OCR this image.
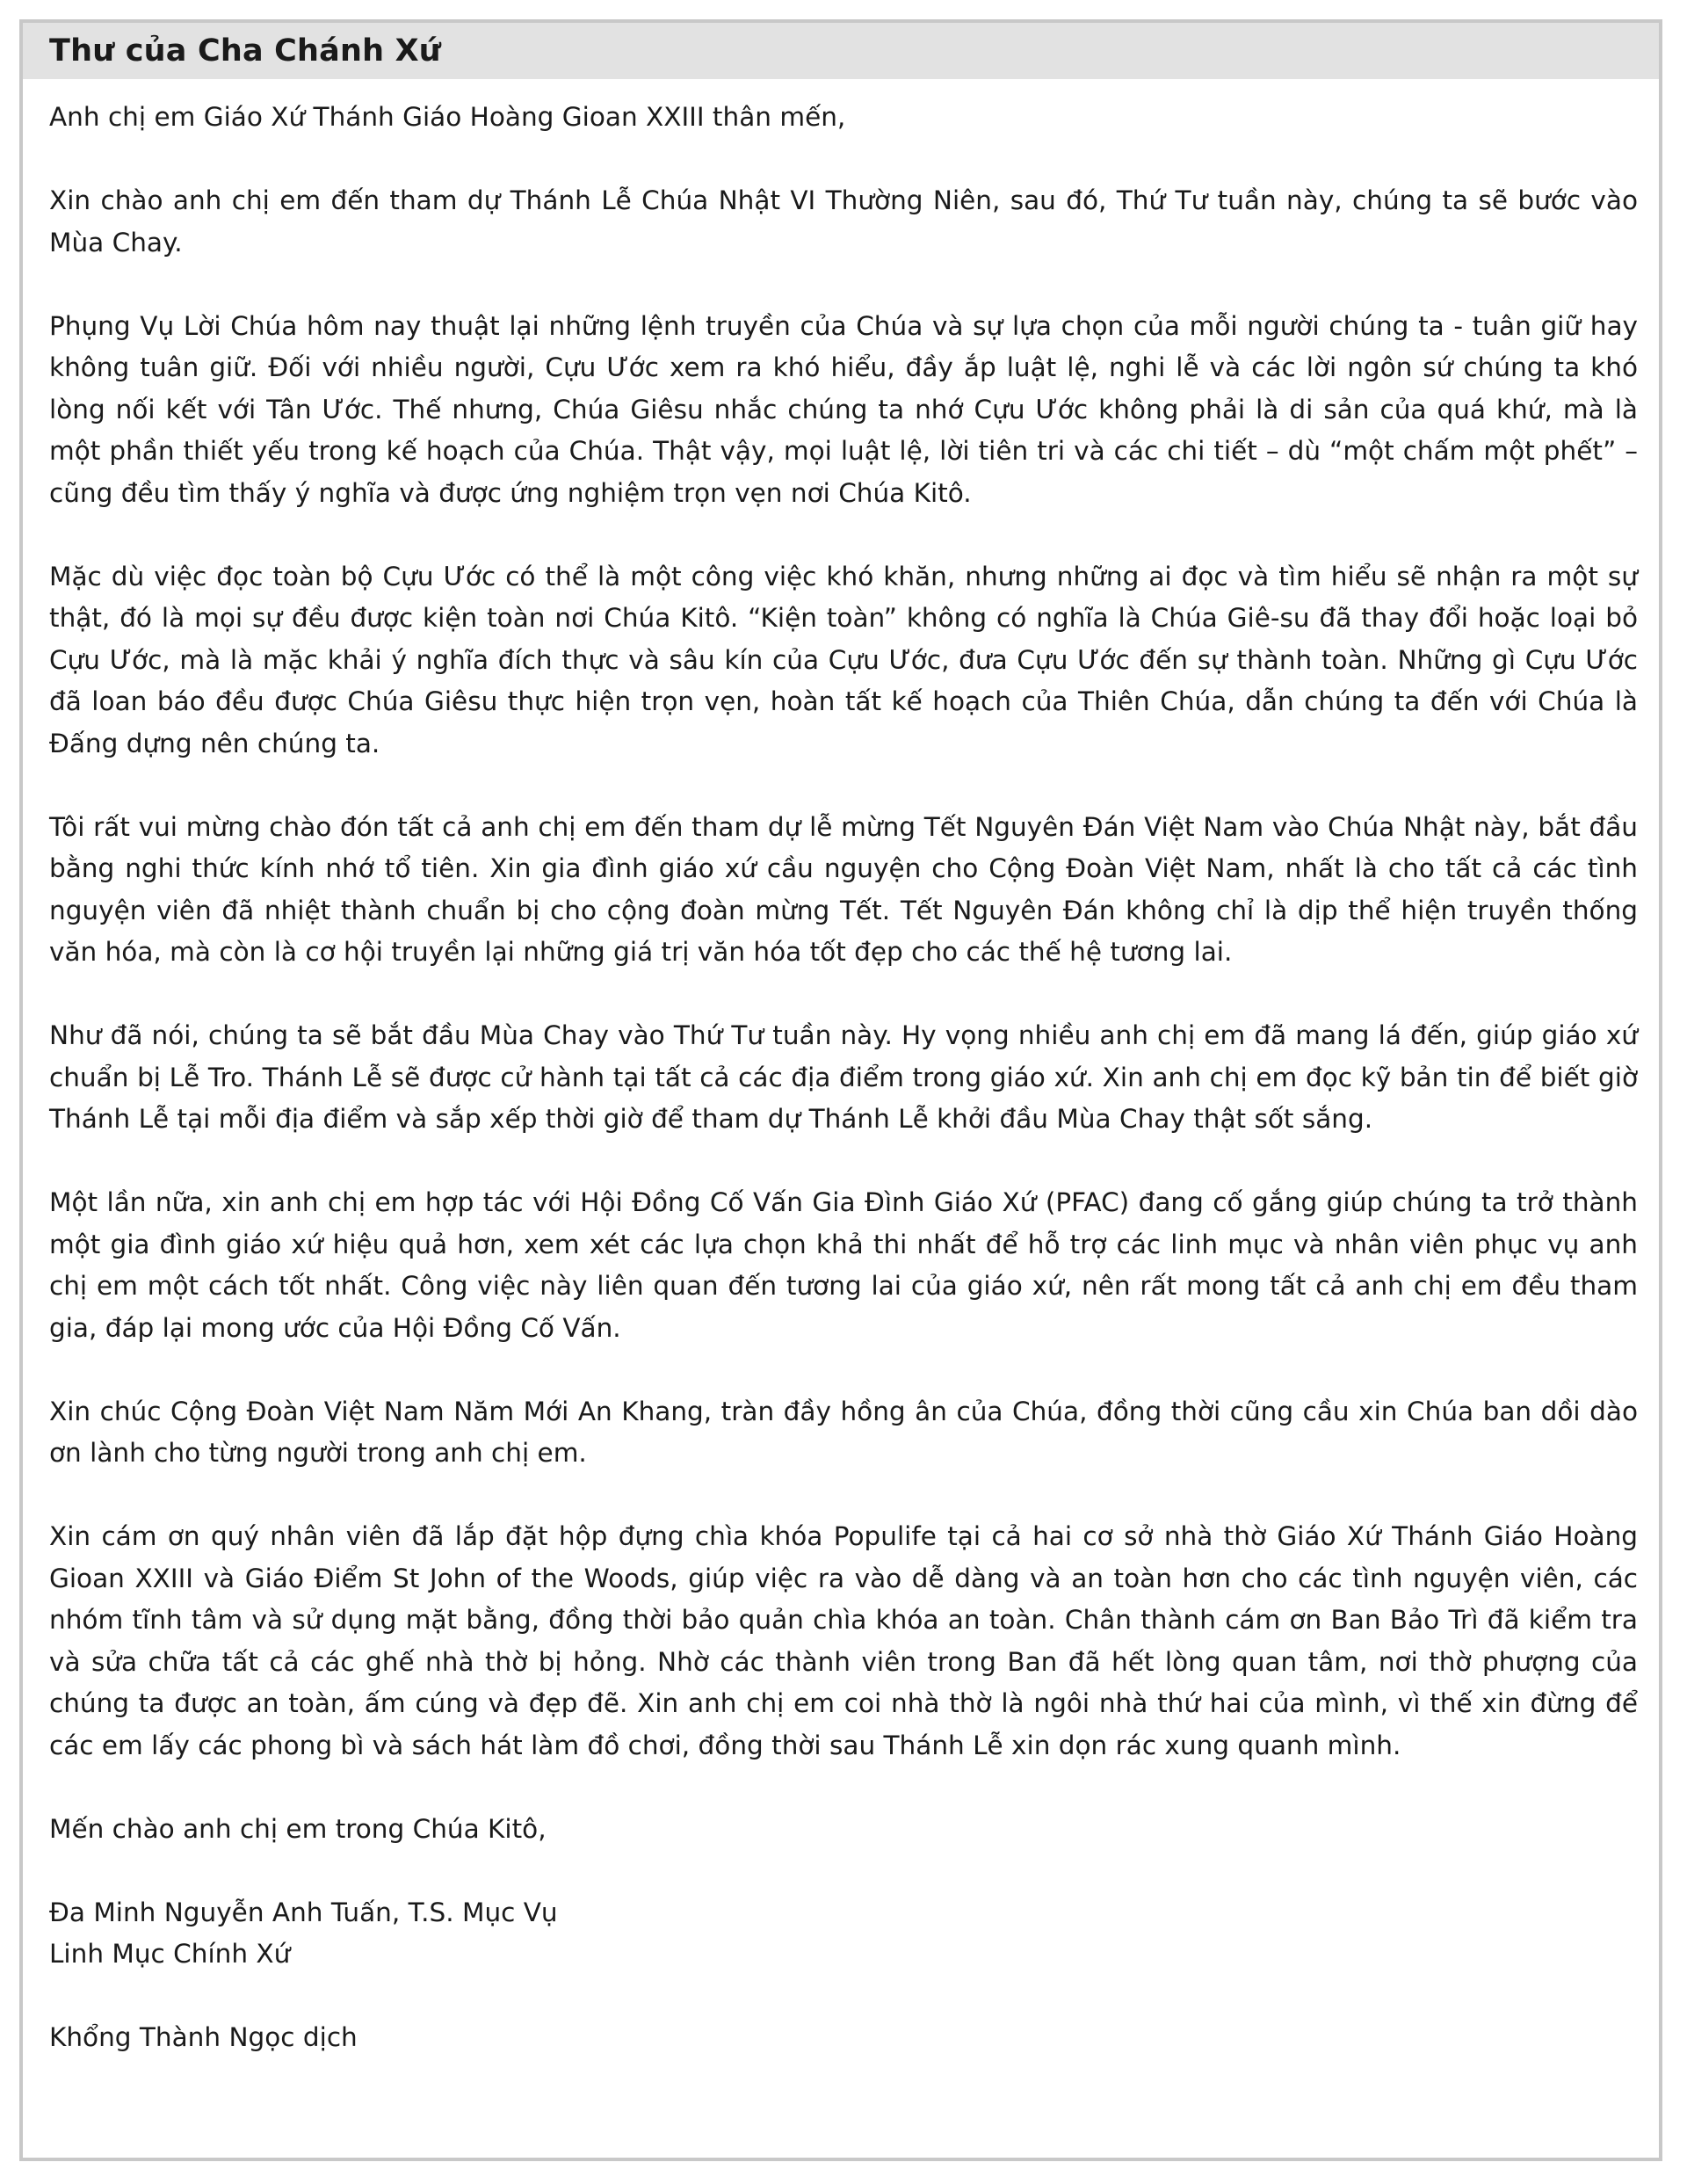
Thư của Cha Chánh Xứ

Anh chị em Giáo Xứ Thánh Giáo Hoàng Gioan XXIII thân mến,

Xin chào anh chị em đến tham dự Thánh Lễ Chúa Nhật VI Thường Niên, sau đó, Thứ Tư tuần này, chúng ta sẽ bước vào Mùa Chay.

Phụng Vụ Lời Chúa hôm nay thuật lại những lệnh truyền của Chúa và sự lựa chọn của mỗi người chúng ta - tuân giữ hay không tuân giữ. Đối với nhiều người, Cựu Ước xem ra khó hiểu, đầy ắp luật lệ, nghi lễ và các lời ngôn sứ chúng ta khó lòng nối kết với Tân Ước. Thế nhưng, Chúa Giêsu nhắc chúng ta nhớ Cựu Ước không phải là di sản của quá khứ, mà là một phần thiết yếu trong kế hoạch của Chúa. Thật vậy, mọi luật lệ, lời tiên tri và các chi tiết – dù “một chấm một phết” – cũng đều tìm thấy ý nghĩa và được ứng nghiệm trọn vẹn nơi Chúa Kitô.

Mặc dù việc đọc toàn bộ Cựu Ước có thể là một công việc khó khăn, nhưng những ai đọc và tìm hiểu sẽ nhận ra một sự thật, đó là mọi sự đều được kiện toàn nơi Chúa Kitô. “Kiện toàn” không có nghĩa là Chúa Giê-su đã thay đổi hoặc loại bỏ Cựu Ước, mà là mặc khải ý nghĩa đích thực và sâu kín của Cựu Ước, đưa Cựu Ước đến sự thành toàn. Những gì Cựu Ước đã loan báo đều được Chúa Giêsu thực hiện trọn vẹn, hoàn tất kế hoạch của Thiên Chúa, dẫn chúng ta đến với Chúa là Đấng dựng nên chúng ta.

Tôi rất vui mừng chào đón tất cả anh chị em đến tham dự lễ mừng Tết Nguyên Đán Việt Nam vào Chúa Nhật này, bắt đầu bằng nghi thức kính nhớ tổ tiên. Xin gia đình giáo xứ cầu nguyện cho Cộng Đoàn Việt Nam, nhất là cho tất cả các tình nguyện viên đã nhiệt thành chuẩn bị cho cộng đoàn mừng Tết. Tết Nguyên Đán không chỉ là dịp thể hiện truyền thống văn hóa, mà còn là cơ hội truyền lại những giá trị văn hóa tốt đẹp cho các thế hệ tương lai.

Như đã nói, chúng ta sẽ bắt đầu Mùa Chay vào Thứ Tư tuần này. Hy vọng nhiều anh chị em đã mang lá đến, giúp giáo xứ chuẩn bị Lễ Tro. Thánh Lễ sẽ được cử hành tại tất cả các địa điểm trong giáo xứ. Xin anh chị em đọc kỹ bản tin để biết giờ Thánh Lễ tại mỗi địa điểm và sắp xếp thời giờ để tham dự Thánh Lễ khởi đầu Mùa Chay thật sốt sắng.

Một lần nữa, xin anh chị em hợp tác với Hội Đồng Cố Vấn Gia Đình Giáo Xứ (PFAC) đang cố gắng giúp chúng ta trở thành một gia đình giáo xứ hiệu quả hơn, xem xét các lựa chọn khả thi nhất để hỗ trợ các linh mục và nhân viên phục vụ anh chị em một cách tốt nhất. Công việc này liên quan đến tương lai của giáo xứ, nên rất mong tất cả anh chị em đều tham gia, đáp lại mong ước của Hội Đồng Cố Vấn.

Xin chúc Cộng Đoàn Việt Nam Năm Mới An Khang, tràn đầy hồng ân của Chúa, đồng thời cũng cầu xin Chúa ban dồi dào ơn lành cho từng người trong anh chị em.

Xin cám ơn quý nhân viên đã lắp đặt hộp đựng chìa khóa Populife tại cả hai cơ sở nhà thờ Giáo Xứ Thánh Giáo Hoàng Gioan XXIII và Giáo Điểm St John of the Woods, giúp việc ra vào dễ dàng và an toàn hơn cho các tình nguyện viên, các nhóm tĩnh tâm và sử dụng mặt bằng, đồng thời bảo quản chìa khóa an toàn. Chân thành cám ơn Ban Bảo Trì đã kiểm tra và sửa chữa tất cả các ghế nhà thờ bị hỏng. Nhờ các thành viên trong Ban đã hết lòng quan tâm, nơi thờ phượng của chúng ta được an toàn, ấm cúng và đẹp đẽ. Xin anh chị em coi nhà thờ là ngôi nhà thứ hai của mình, vì thế xin đừng để các em lấy các phong bì và sách hát làm đồ chơi, đồng thời sau Thánh Lễ xin dọn rác xung quanh mình.

Mến chào anh chị em trong Chúa Kitô,

Đa Minh Nguyễn Anh Tuấn, T.S. Mục Vụ
Linh Mục Chính Xứ

Khổng Thành Ngọc dịch
